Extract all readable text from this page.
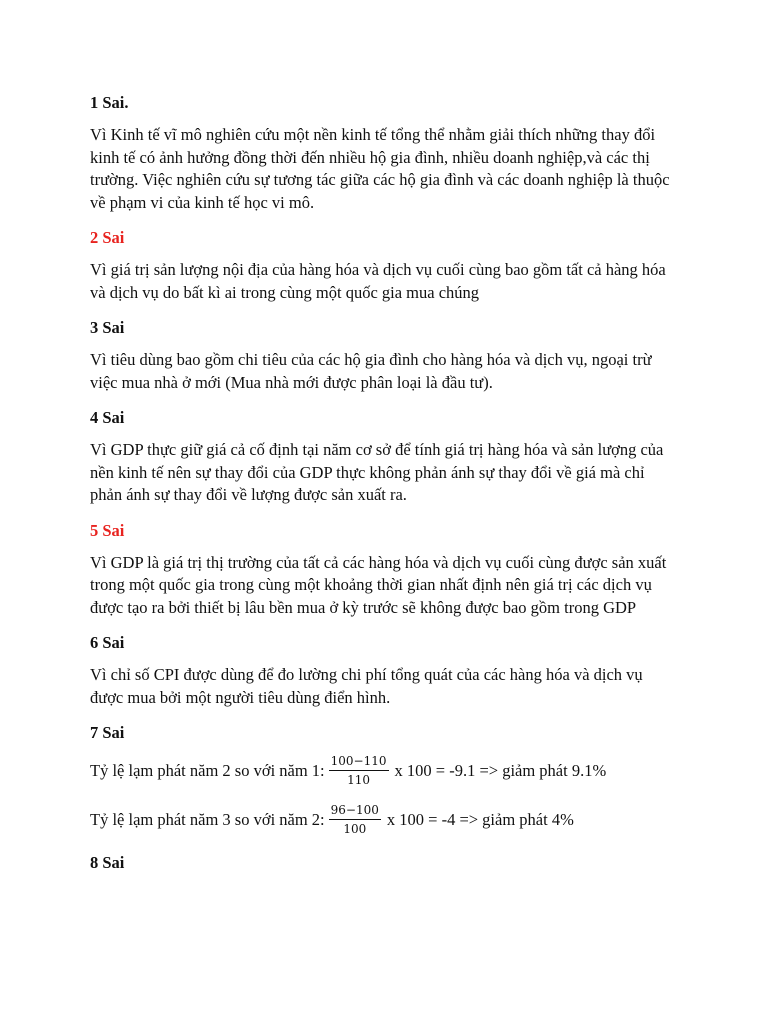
1 Sai.
Vì Kinh tế vĩ mô nghiên cứu một nền kinh tế tổng thể nhằm giải thích những thay đổi kinh tế có ảnh hưởng đồng thời đến nhiều hộ gia đình, nhiều doanh nghiệp,và các thị trường. Việc nghiên cứu sự tương tác giữa các hộ gia đình và các doanh nghiệp là thuộc về phạm vi của kinh tế học vi mô.
2 Sai
Vì giá trị sản lượng nội địa của hàng hóa và dịch vụ cuối cùng bao gồm tất cả hàng hóa và dịch vụ do bất kì ai trong cùng một quốc gia mua chúng
3 Sai
Vì tiêu dùng bao gồm chi tiêu của các hộ gia đình cho hàng hóa và dịch vụ, ngoại trừ việc mua nhà ở mới (Mua nhà mới được phân loại là đầu tư).
4 Sai
Vì GDP thực giữ giá cả cố định tại năm cơ sở để tính giá trị hàng hóa và sản lượng của nền kinh tế nên sự thay đổi của GDP thực không phản ánh sự thay đổi về giá mà chỉ phản ánh sự thay đổi về lượng được sản xuất ra.
5 Sai
Vì GDP là giá trị thị trường của tất cả các hàng hóa và dịch vụ cuối cùng được sản xuất trong một quốc gia trong cùng một khoảng thời gian nhất định nên giá trị các dịch vụ được tạo ra bởi thiết bị lâu bền mua ở kỳ trước sẽ không được bao gồm trong GDP
6 Sai
Vì chỉ số CPI được dùng để đo lường chi phí tổng quát của các hàng hóa và dịch vụ được mua bởi một người tiêu dùng điển hình.
7 Sai
Tỷ lệ lạm phát năm 2 so với năm 1: $\frac{100-110}{110}$ x 100 = -9.1 => giảm phát 9.1%
Tỷ lệ lạm phát năm 3 so với năm 2: $\frac{96-100}{100}$ x 100 = -4 => giảm phát 4%
8 Sai
